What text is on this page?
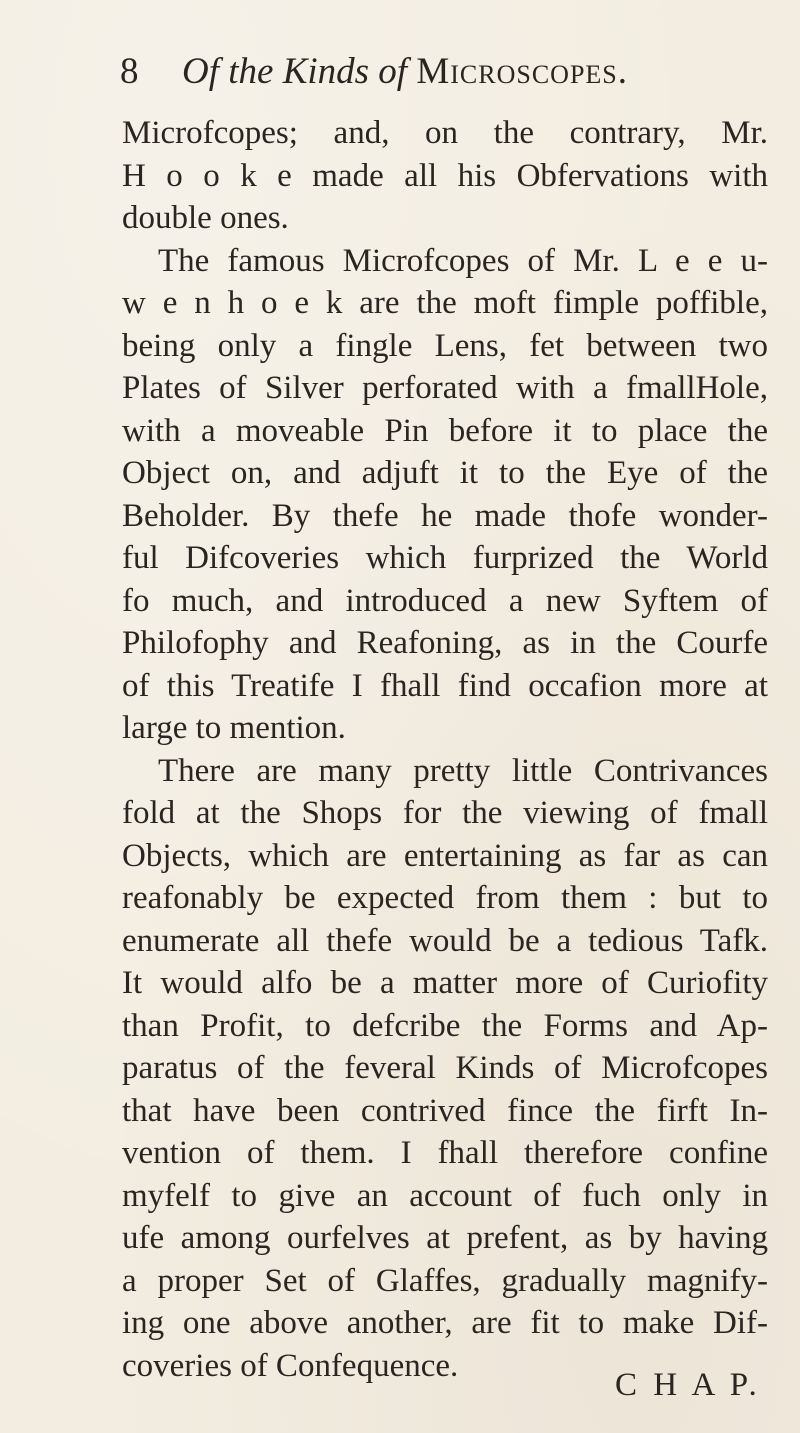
8 Of the Kinds of Microscopes.
Microfcopes; and, on the contrary, Mr.
H o o k e made all his Obfervations with
double ones.
The famous Microfcopes of Mr. L e e u-
w e n h o e k are the moft fimple poffible,
being only a fingle Lens, fet between two
Plates of Silver perforated with a fmallHole,
with a moveable Pin before it to place the
Object on, and adjuft it to the Eye of the
Beholder. By thefe he made thofe wonder-
ful Difcoveries which furprized the World
fo much, and introduced a new Syftem of
Philofophy and Reafoning, as in the Courfe
of this Treatife I fhall find occafion more at
large to mention.
There are many pretty little Contrivances
fold at the Shops for the viewing of fmall
Objects, which are entertaining as far as can
reafonably be expected from them : but to
enumerate all thefe would be a tedious Tafk.
It would alfo be a matter more of Curiofity
than Profit, to defcribe the Forms and Ap-
paratus of the feveral Kinds of Microfcopes
that have been contrived fince the firft In-
vention of them. I fhall therefore confine
myfelf to give an account of fuch only in
ufe among ourfelves at prefent, as by having
a proper Set of Glaffes, gradually magnify-
ing one above another, are fit to make Dif-
coveries of Confequence.
C H A P.
